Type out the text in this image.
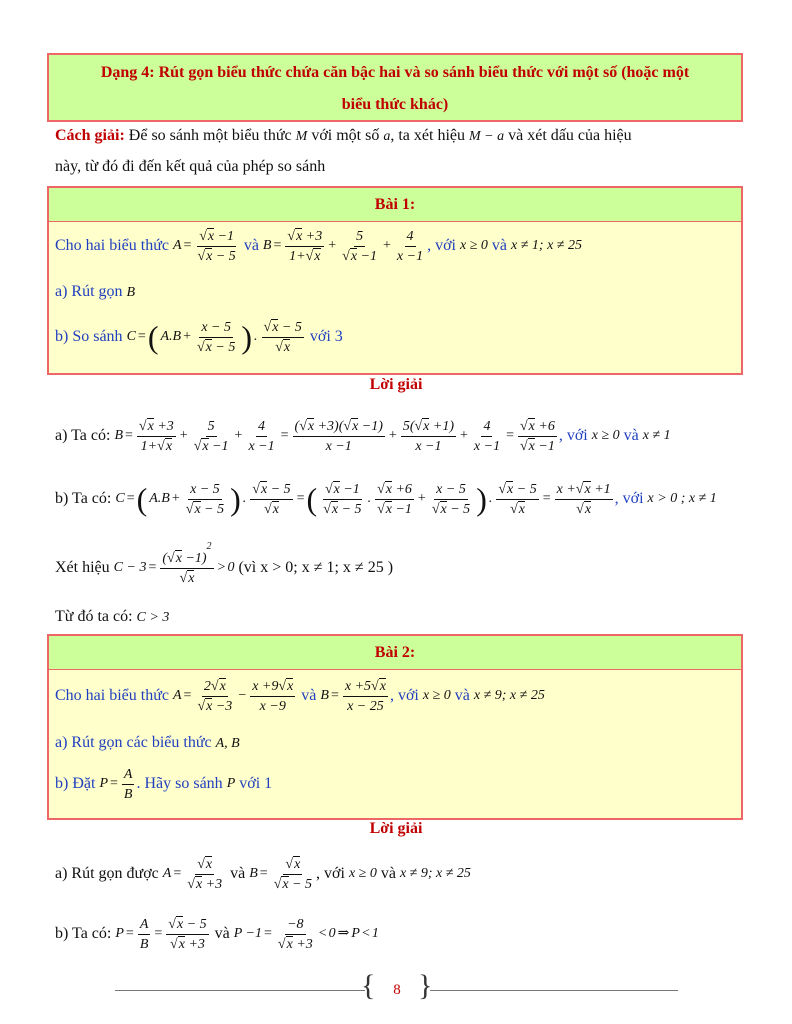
Dạng 4: Rút gọn biểu thức chứa căn bậc hai và so sánh biểu thức với một số (hoặc một
biểu thức khác)
Cách giải: Để so sánh một biểu thức M với một số a, ta xét hiệu M − a và xét dấu của hiệu
này, từ đó đi đến kết quả của phép so sánh
Bài 1:
Cho hai biểu thức
$A = \frac{√x -1}{√x - 5}$
và
$B = \frac{√x +3}{1+√x} + \frac{5}{√x -1} + \frac{4}{x -1}$ , với
x ≥ 0
và
x ≠ 1; x ≠ 25
a) Rút gọn B
b) So sánh
C = ( $A.B + \frac{x - 5}{√x - 5}$ ) . $\frac{√x - 5}{√x}$
với 3
Lời giải
a) Ta có:
$B = \frac{√x +3}{1+√x} + \frac{5}{√x -1} + \frac{4}{x -1} = \frac{(√x +3)(√x -1)}{x -1} + \frac{5(√x +1)}{x -1} + \frac{4}{x -1} = \frac{√x +6}{√x -1}$ , với
x ≥ 0
và
x ≠ 1
b) Ta có:
C = ( $A.B + \frac{x - 5}{√x - 5}$ ) . $\frac{√x - 5}{√x}$ = ( $\frac{√x -1}{√x - 5}$ . $\frac{√x +6}{√x -1} + \frac{x - 5}{√x - 5}$ ) . $\frac{√x - 5}{√x} = \frac{x +√x +1}{√x}$ , với
x > 0 ; x ≠ 1
Xét hiệu
$C - 3 = \frac{(√x -1)^2}{√x} > 0$
(vì x > 0; x ≠ 1; x ≠ 25 )
Từ đó ta có: C > 3
Bài 2:
Cho hai biểu thức
$A = \frac{2√x}{√x -3} - \frac{x +9√x}{x -9}$
và
$B = \frac{x +5√x}{x - 25}$ , với
x ≥ 0
và
x ≠ 9; x ≠ 25
a) Rút gọn các biểu thức A, B
b) Đặt
$P = \frac{A}{B}$ . Hãy so sánh
P
với 1
Lời giải
a) Rút gọn được
$A = \frac{√x}{√x +3}$
và
$B = \frac{√x}{√x - 5}$ , với
x ≥ 0
và
x ≠ 9; x ≠ 25
b) Ta có:
$P = \frac{A}{B} = \frac{√x - 5}{√x +3}$
và
$P -1 = \frac{-8}{√x +3} < 0$ ⇒ P < 1
{ }
8
